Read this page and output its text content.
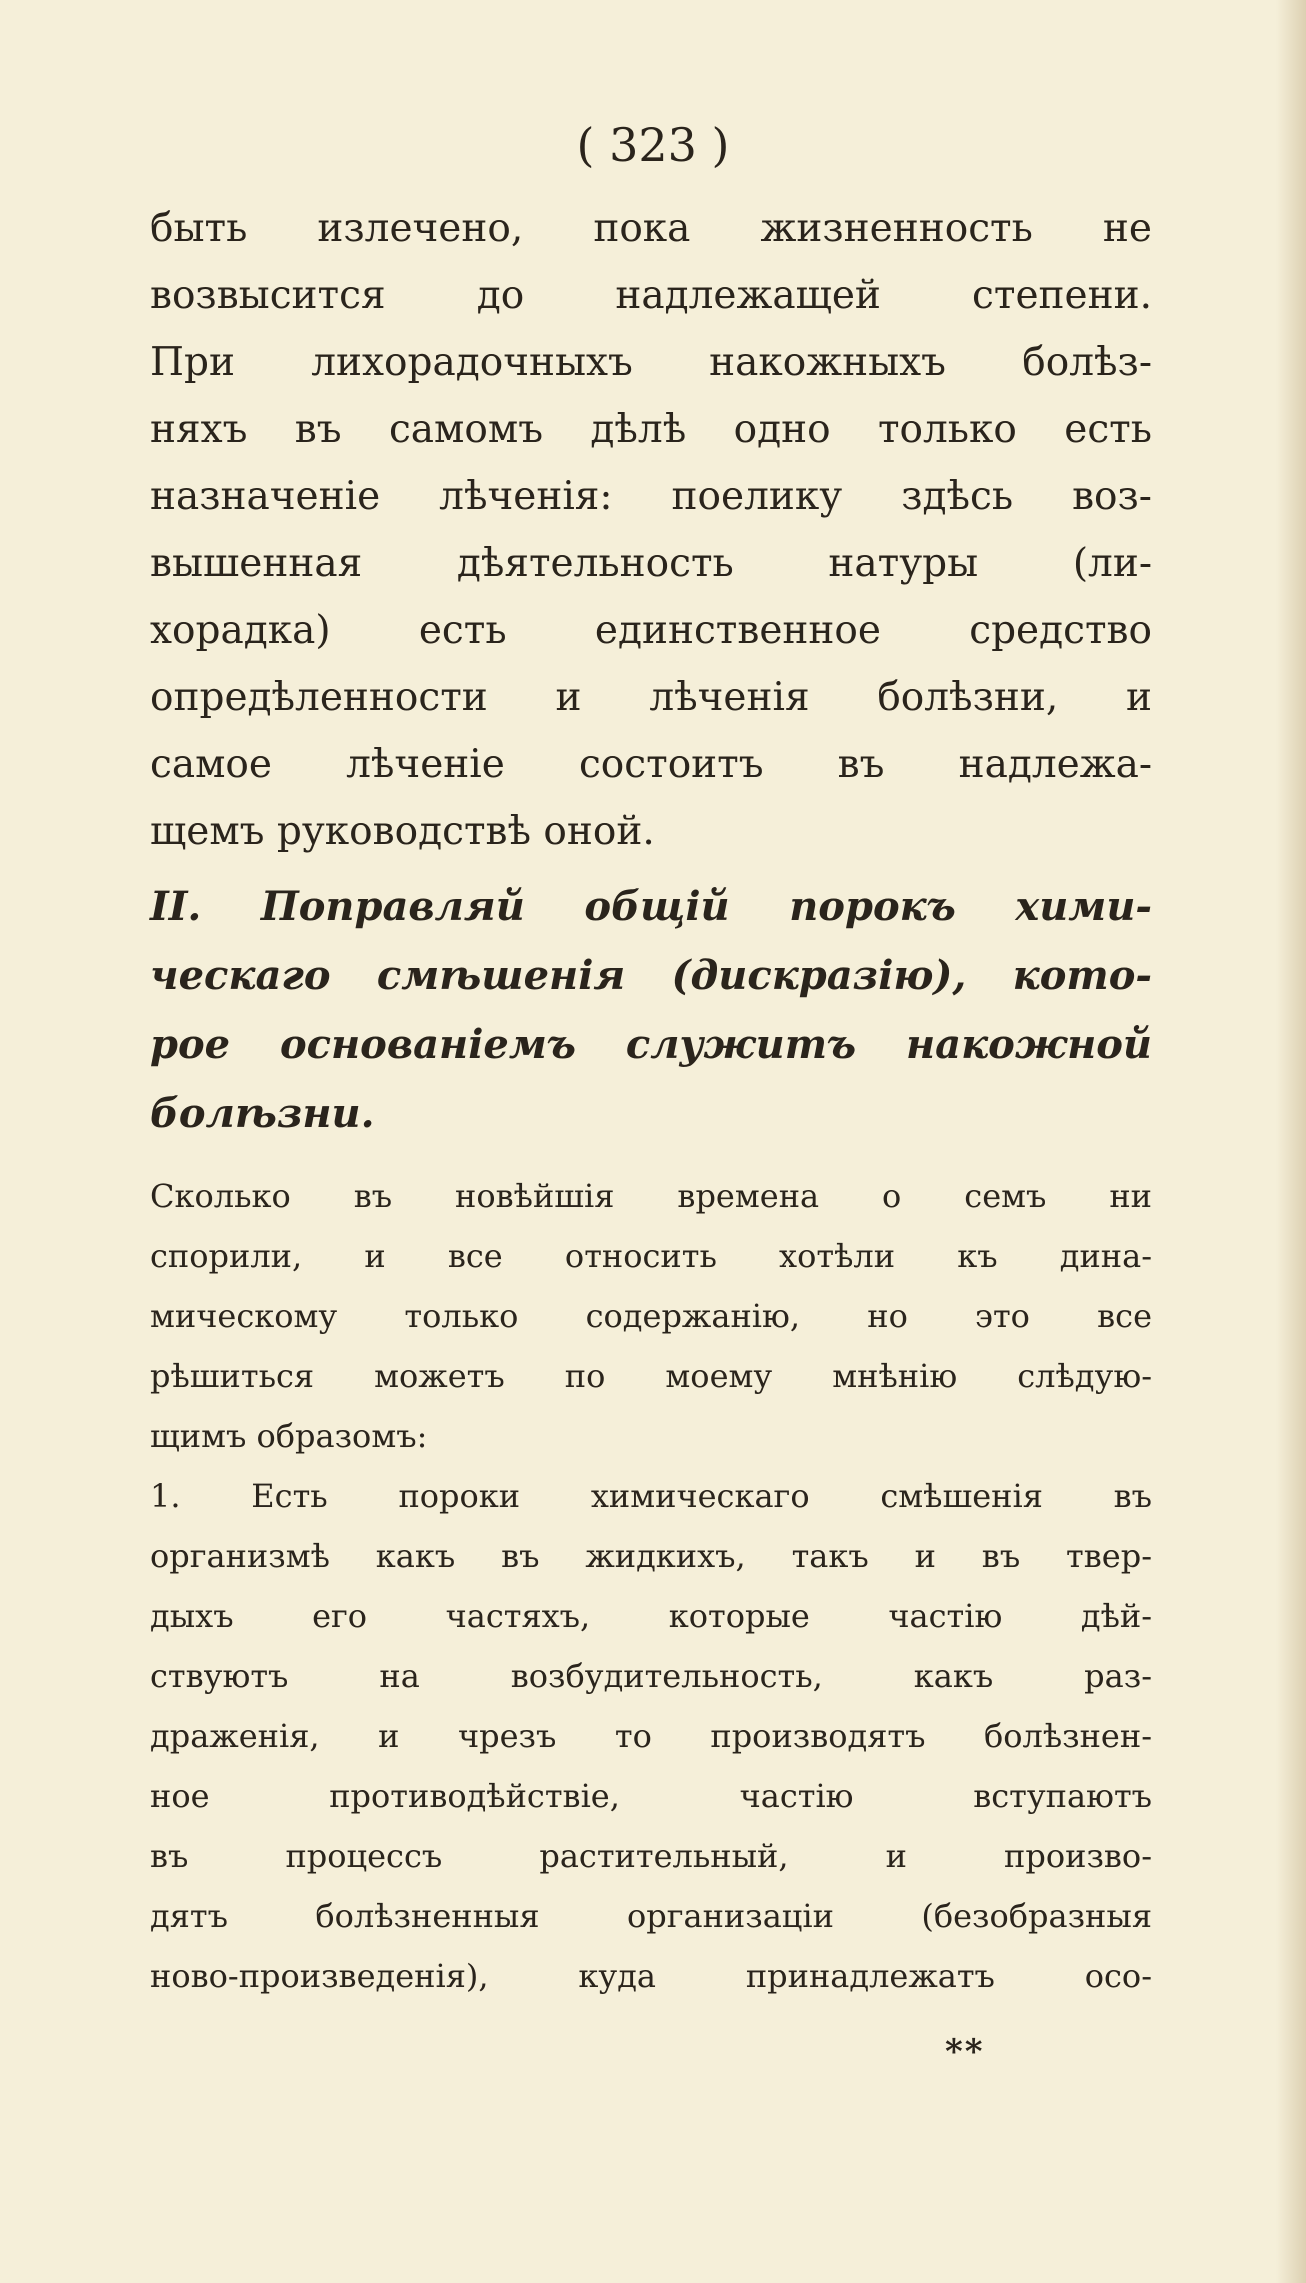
( 323 )
быть излечено, пока жизненность не
возвысится до надлежащей степени.
При лихорадочныхъ накожныхъ болѣз-
няхъ въ самомъ дѣлѣ одно только есть
назначенiе лѣченiя: поелику здѣсь воз-
вышенная дѣятельность натуры (ли-
хорадка) есть единственное средство
опредѣленности и лѣченiя болѣзни, и
самое лѣченiе состоитъ въ надлежа-
щемъ руководствѣ оной.
II. Поправляй общiй порокъ хими-
ческаго смѣшенiя (дискразiю), кото-
рое основанiемъ служитъ накожной
болѣзни.
Сколько въ новѣйшiя времена о семъ ни
спорили, и все относить хотѣли къ дина-
мическому только содержанiю, но это все
рѣшиться можетъ по моему мнѣнiю слѣдую-
щимъ образомъ:
1. Есть пороки химическаго смѣшенiя въ
организмѣ какъ въ жидкихъ, такъ и въ твер-
дыхъ его частяхъ, которые частiю дѣй-
ствуютъ на возбудительность, какъ раз-
драженiя, и чрезъ то производятъ болѣзнен-
ное противодѣйствiе, частiю вступаютъ
въ процессъ растительный, и произво-
дятъ болѣзненныя организацiи (безобразныя
ново-произведенiя), куда принадлежатъ осо-
**
